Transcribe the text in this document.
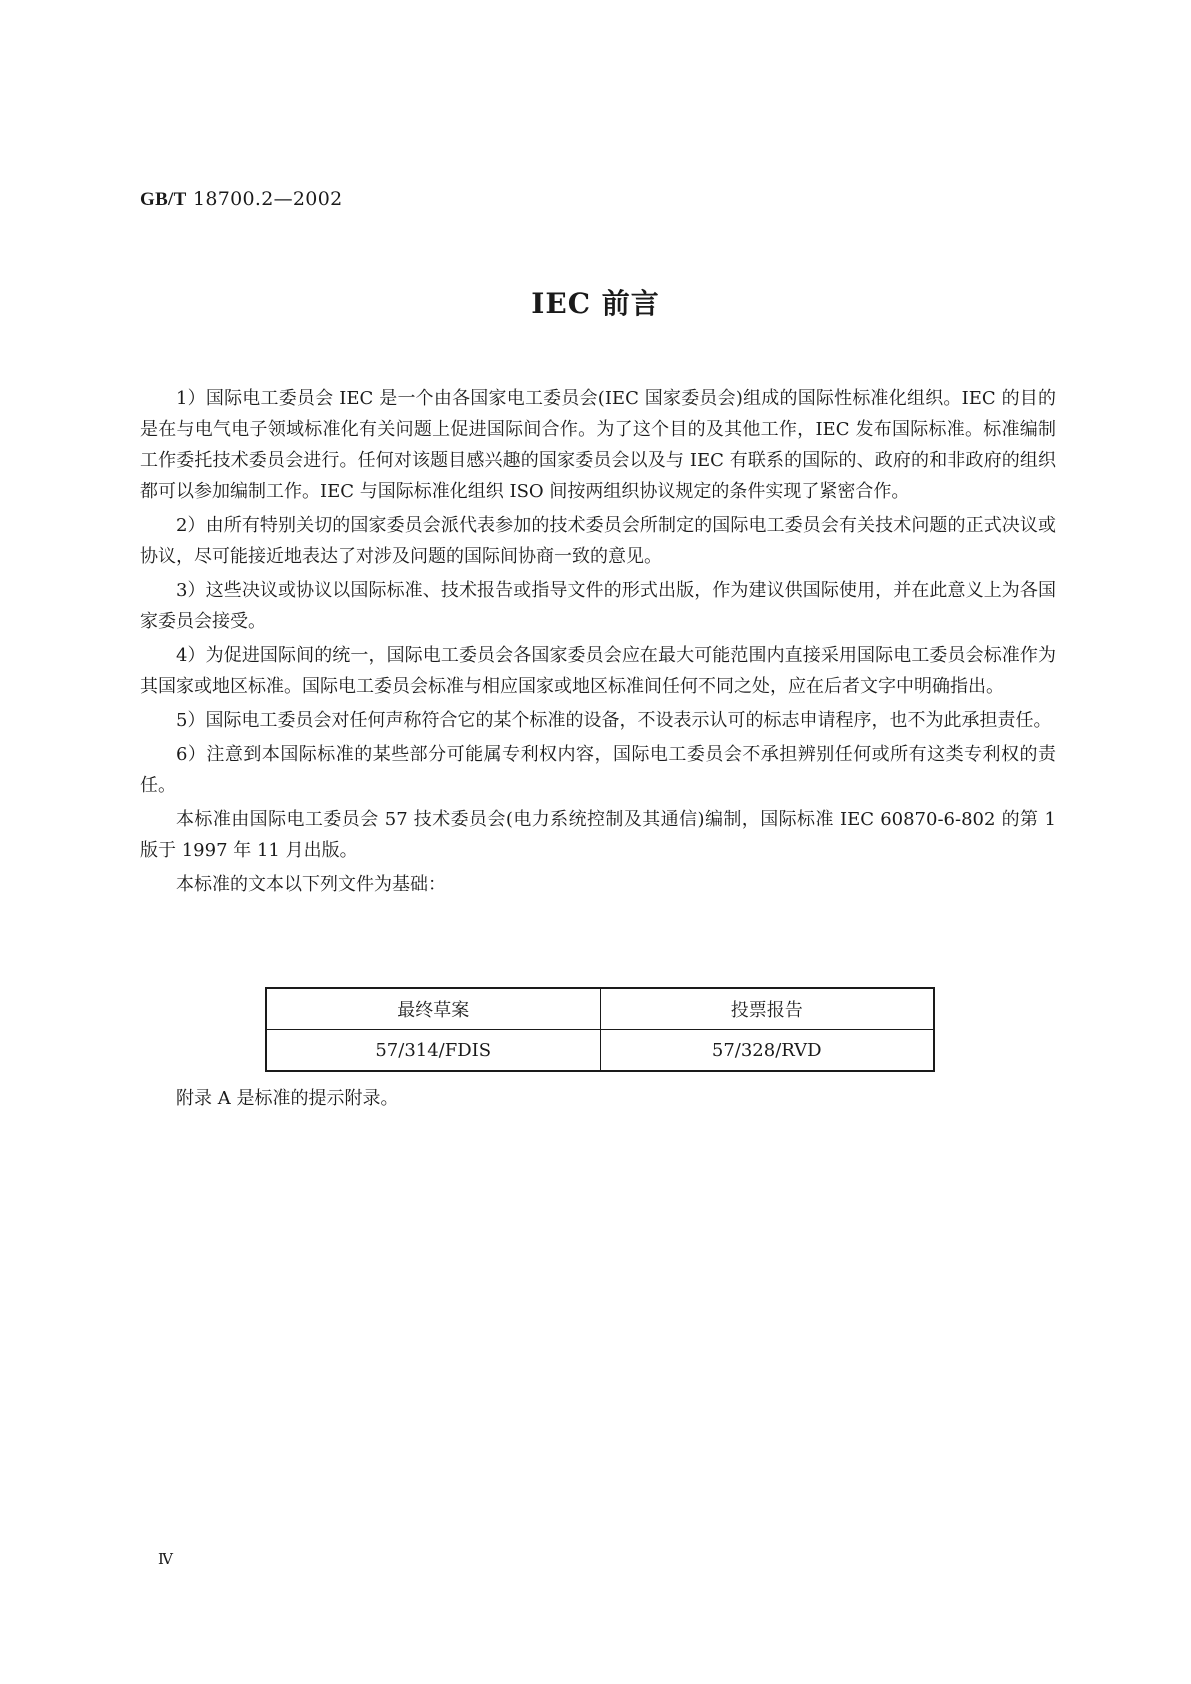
GB/T 18700.2—2002
IEC 前言

1）国际电工委员会 IEC 是一个由各国家电工委员会(IEC 国家委员会)组成的国际性标准化组织。IEC 的目的是在与电气电子领域标准化有关问题上促进国际间合作。为了这个目的及其他工作，IEC 发布国际标准。标准编制工作委托技术委员会进行。任何对该题目感兴趣的国家委员会以及与 IEC 有联系的国际的、政府的和非政府的组织都可以参加编制工作。IEC 与国际标准化组织 ISO 间按两组织协议规定的条件实现了紧密合作。

2）由所有特别关切的国家委员会派代表参加的技术委员会所制定的国际电工委员会有关技术问题的正式决议或协议，尽可能接近地表达了对涉及问题的国际间协商一致的意见。

3）这些决议或协议以国际标准、技术报告或指导文件的形式出版，作为建议供国际使用，并在此意义上为各国家委员会接受。

4）为促进国际间的统一，国际电工委员会各国家委员会应在最大可能范围内直接采用国际电工委员会标准作为其国家或地区标准。国际电工委员会标准与相应国家或地区标准间任何不同之处，应在后者文字中明确指出。

5）国际电工委员会对任何声称符合它的某个标准的设备，不设表示认可的标志申请程序，也不为此承担责任。

6）注意到本国际标准的某些部分可能属专利权内容，国际电工委员会不承担辨别任何或所有这类专利权的责任。

本标准由国际电工委员会 57 技术委员会(电力系统控制及其通信)编制，国际标准 IEC 60870-6-802 的第 1 版于 1997 年 11 月出版。

本标准的文本以下列文件为基础：

最终草案	投票报告
57/314/FDIS	57/328/RVD
附录 A 是标准的提示附录。
Ⅳ
